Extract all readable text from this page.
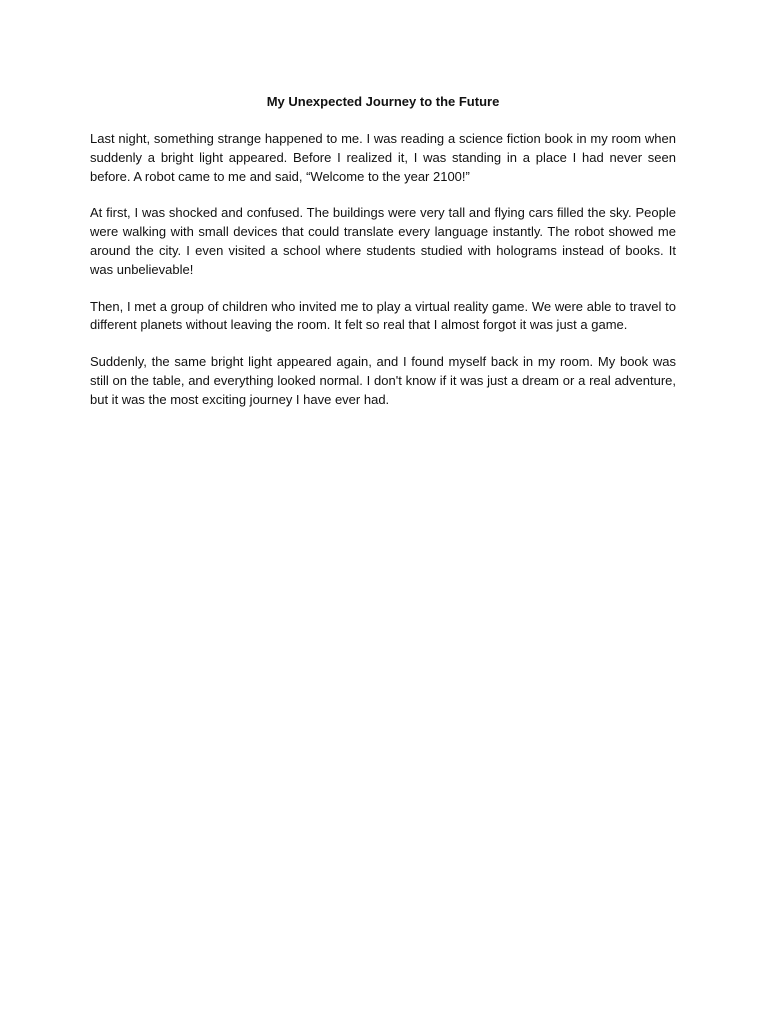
My Unexpected Journey to the Future

Last night, something strange happened to me. I was reading a science fiction book in my room when suddenly a bright light appeared. Before I realized it, I was standing in a place I had never seen before. A robot came to me and said, “Welcome to the year 2100!”

At first, I was shocked and confused. The buildings were very tall and flying cars filled the sky. People were walking with small devices that could translate every language instantly. The robot showed me around the city. I even visited a school where students studied with holograms instead of books. It was unbelievable!

Then, I met a group of children who invited me to play a virtual reality game. We were able to travel to different planets without leaving the room. It felt so real that I almost forgot it was just a game.

Suddenly, the same bright light appeared again, and I found myself back in my room. My book was still on the table, and everything looked normal. I don't know if it was just a dream or a real adventure, but it was the most exciting journey I have ever had.
